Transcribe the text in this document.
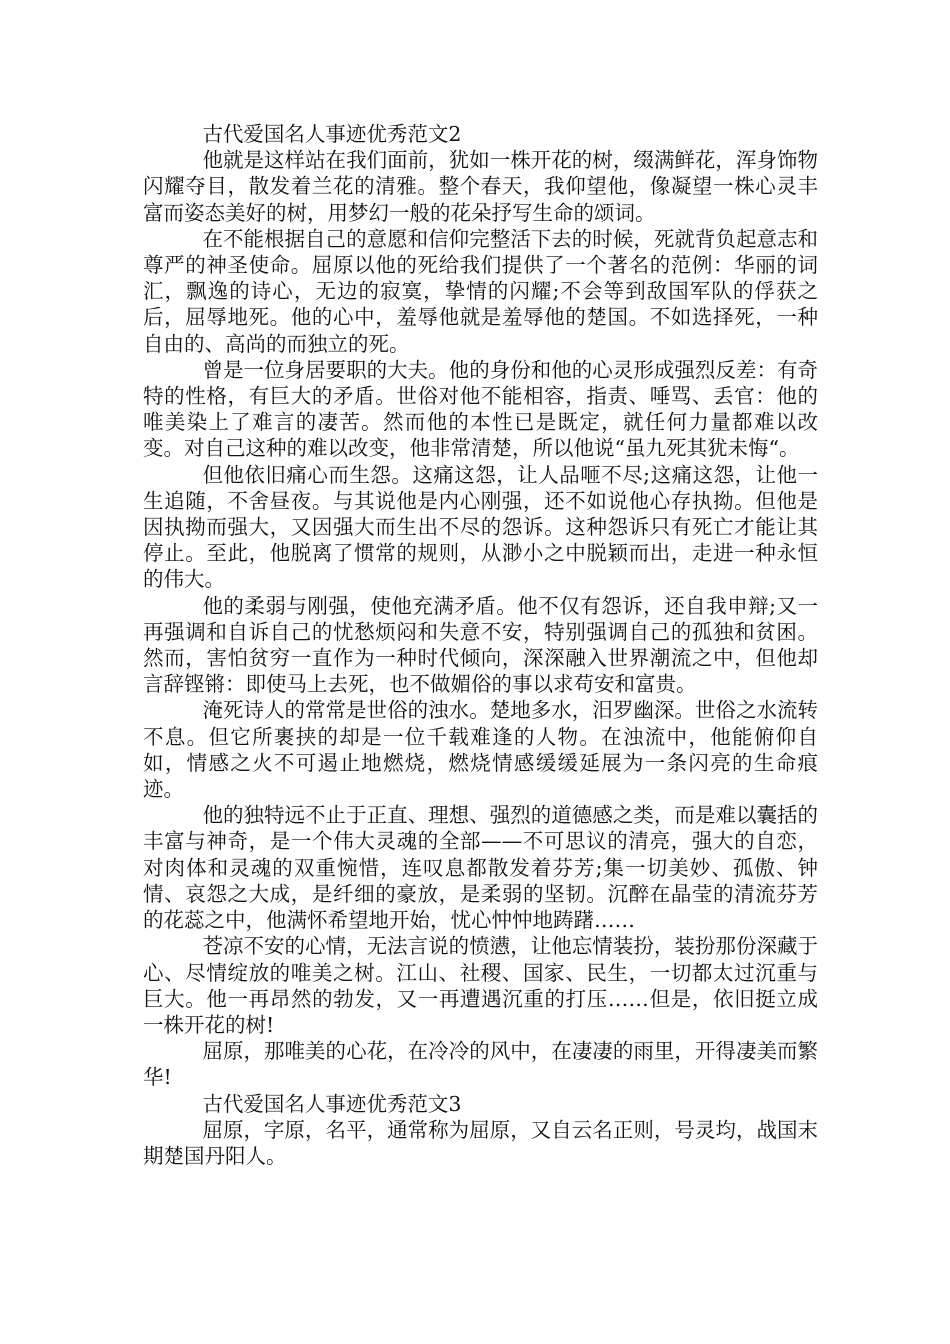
古代爱国名人事迹优秀范文2

他就是这样站在我们面前，犹如一株开花的树，缀满鲜花，浑身饰物闪耀夺目，散发着兰花的清雅。整个春天，我仰望他，像凝望一株心灵丰富而姿态美好的树，用梦幻一般的花朵抒写生命的颂词。

在不能根据自己的意愿和信仰完整活下去的时候，死就背负起意志和尊严的神圣使命。屈原以他的死给我们提供了一个著名的范例：华丽的词汇，飘逸的诗心，无边的寂寞，挚情的闪耀;不会等到敌国军队的俘获之后，屈辱地死。他的心中，羞辱他就是羞辱他的楚国。不如选择死，一种自由的、高尚的而独立的死。

曾是一位身居要职的大夫。他的身份和他的心灵形成强烈反差：有奇特的性格，有巨大的矛盾。世俗对他不能相容，指责、唾骂、丢官：他的唯美染上了难言的凄苦。然而他的本性已是既定，就任何力量都难以改变。对自己这种的难以改变，他非常清楚，所以他说“虽九死其犹未悔“。

但他依旧痛心而生怨。这痛这怨，让人品咂不尽;这痛这怨，让他一生追随，不舍昼夜。与其说他是内心刚强，还不如说他心存执拗。但他是因执拗而强大，又因强大而生出不尽的怨诉。这种怨诉只有死亡才能让其停止。至此，他脱离了惯常的规则，从渺小之中脱颖而出，走进一种永恒的伟大。

他的柔弱与刚强，使他充满矛盾。他不仅有怨诉，还自我申辩;又一再强调和自诉自己的忧愁烦闷和失意不安，特别强调自己的孤独和贫困。然而，害怕贫穷一直作为一种时代倾向，深深融入世界潮流之中，但他却言辞铿锵：即使马上去死，也不做媚俗的事以求苟安和富贵。

淹死诗人的常常是世俗的浊水。楚地多水，汨罗幽深。世俗之水流转不息。但它所裹挟的却是一位千载难逢的人物。在浊流中，他能俯仰自如，情感之火不可遏止地燃烧，燃烧情感缓缓延展为一条闪亮的生命痕迹。

他的独特远不止于正直、理想、强烈的道德感之类，而是难以囊括的丰富与神奇，是一个伟大灵魂的全部——不可思议的清亮，强大的自恋，对肉体和灵魂的双重惋惜，连叹息都散发着芬芳;集一切美妙、孤傲、钟情、哀怨之大成，是纤细的豪放，是柔弱的坚韧。沉醉在晶莹的清流芬芳的花蕊之中，他满怀希望地开始，忧心忡忡地踌躇……

苍凉不安的心情，无法言说的愤懑，让他忘情装扮，装扮那份深藏于心、尽情绽放的唯美之树。江山、社稷、国家、民生，一切都太过沉重与巨大。他一再昂然的勃发，又一再遭遇沉重的打压……但是，依旧挺立成一株开花的树!

屈原，那唯美的心花，在冷冷的风中，在凄凄的雨里，开得凄美而繁华!

古代爱国名人事迹优秀范文3

屈原，字原，名平，通常称为屈原，又自云名正则，号灵均，战国末期楚国丹阳人。
